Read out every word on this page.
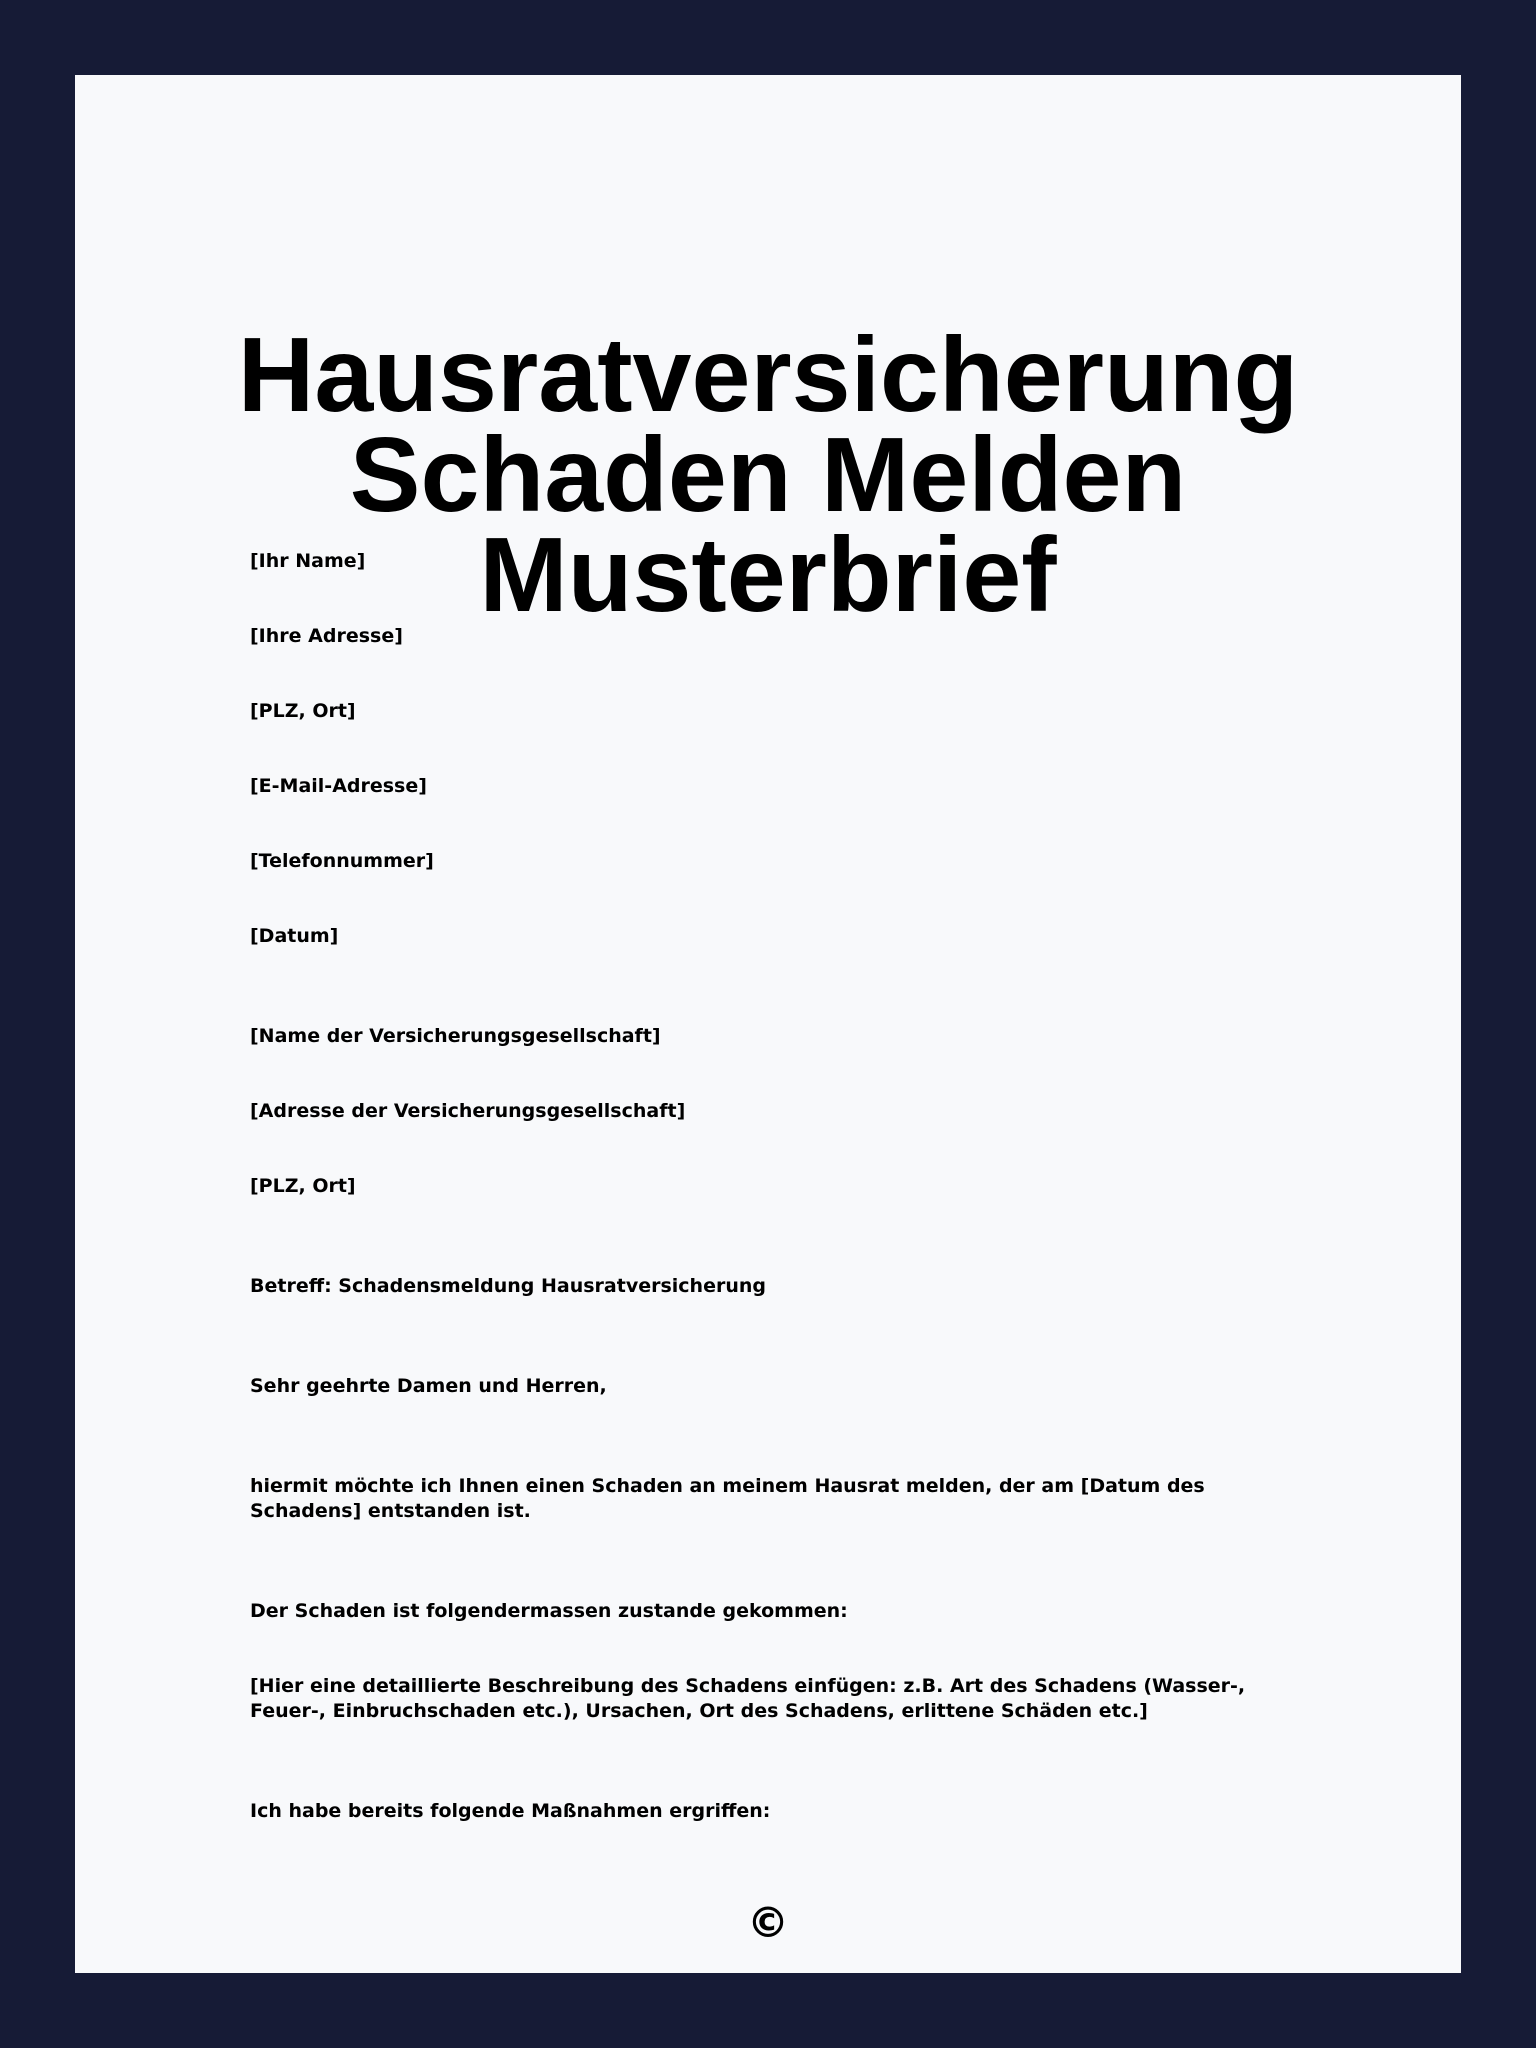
Hausratversicherung
Schaden Melden Musterbrief

[Ihr Name]

[Ihre Adresse]

[PLZ, Ort]

[E-Mail-Adresse]

[Telefonnummer]

[Datum]

[Name der Versicherungsgesellschaft]

[Adresse der Versicherungsgesellschaft]

[PLZ, Ort]

Betreff: Schadensmeldung Hausratversicherung

Sehr geehrte Damen und Herren,

hiermit möchte ich Ihnen einen Schaden an meinem Hausrat melden, der am [Datum des Schadens] entstanden ist.

Der Schaden ist folgendermassen zustande gekommen:

[Hier eine detaillierte Beschreibung des Schadens einfügen: z.B. Art des Schadens (Wasser-, Feuer-, Einbruchschaden etc.), Ursachen, Ort des Schadens, erlittene Schäden etc.]

Ich habe bereits folgende Maßnahmen ergriffen:

©
